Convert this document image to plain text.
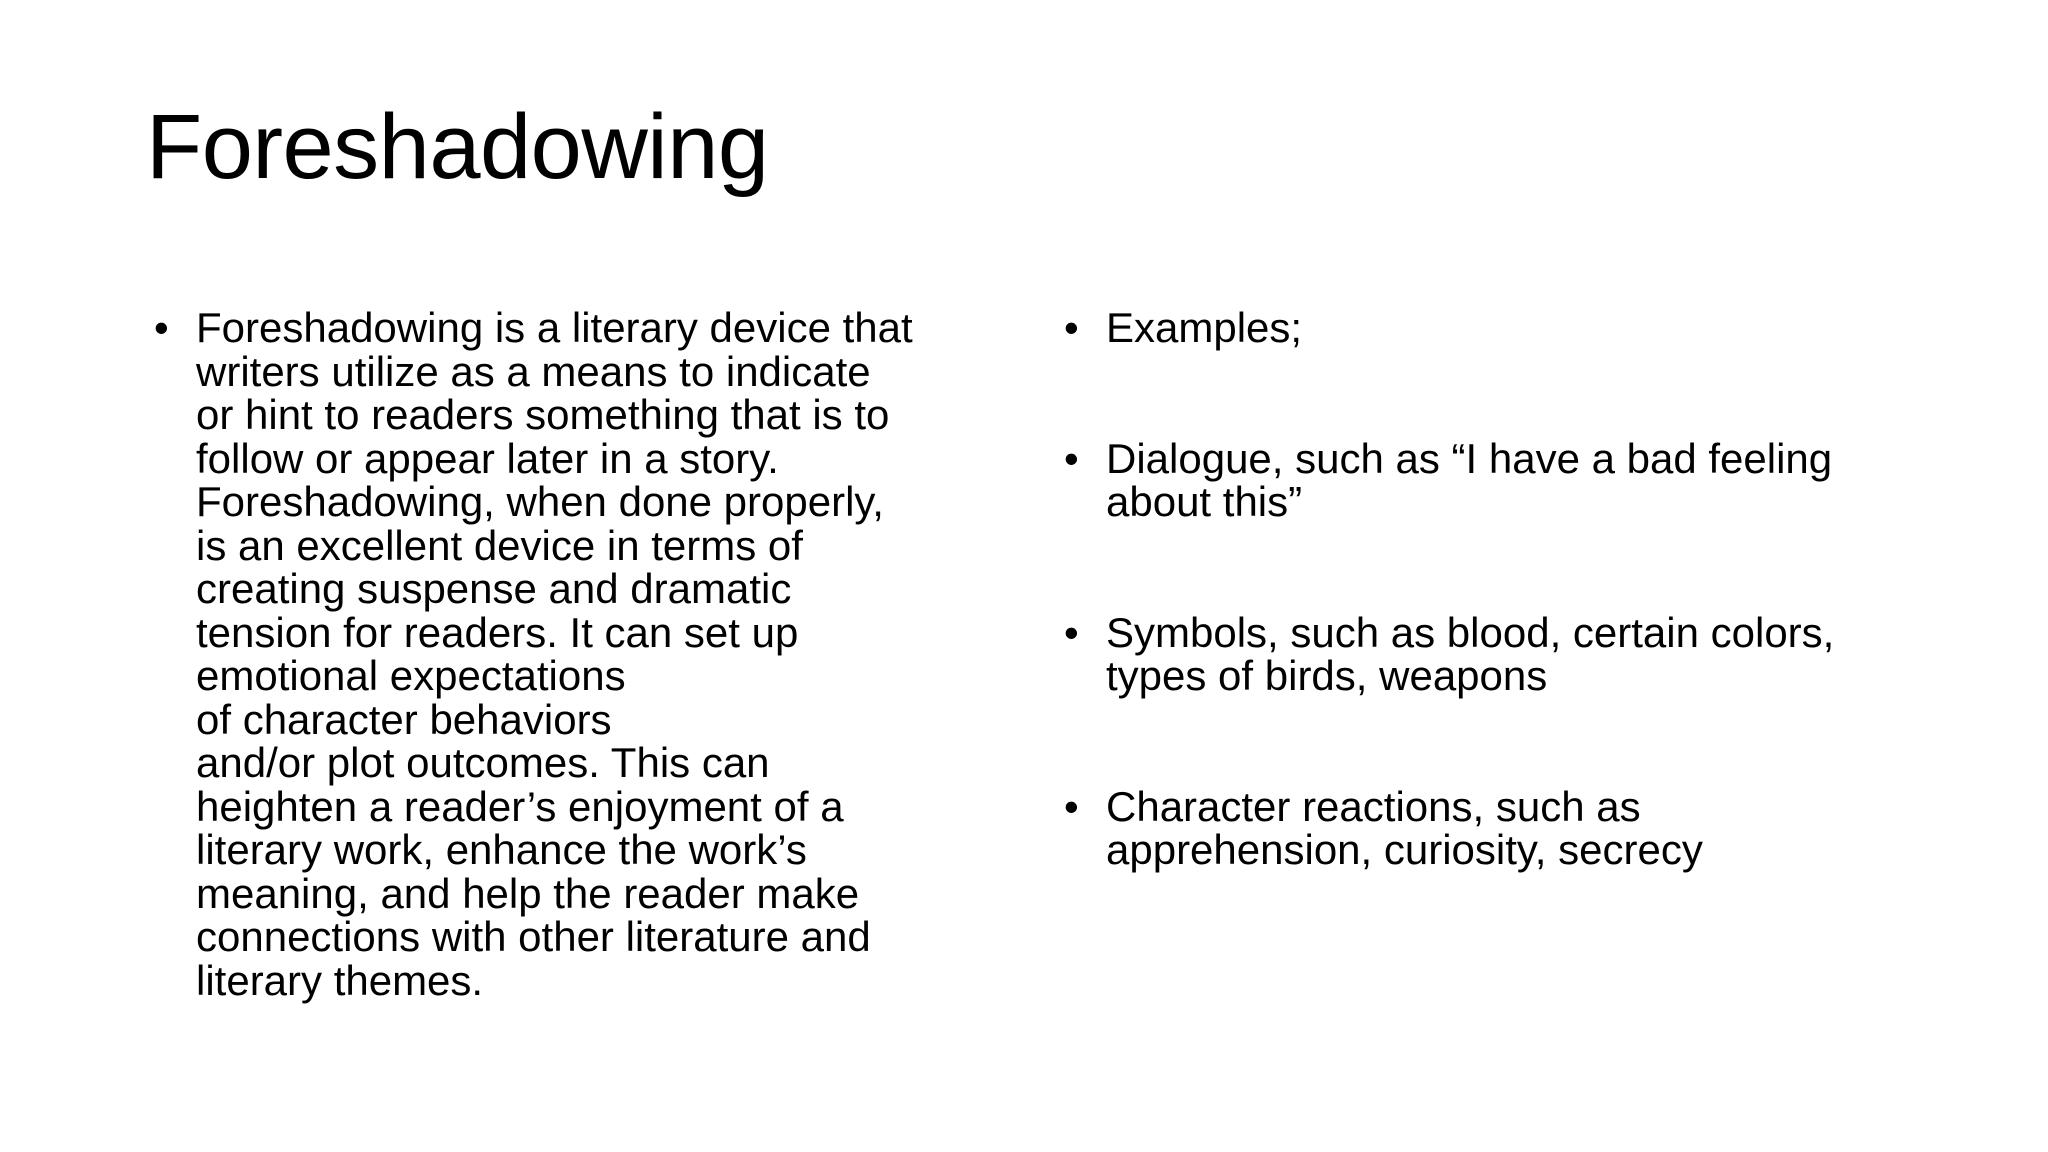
Foreshadowing
• Foreshadowing is a literary device that
writers utilize as a means to indicate
or hint to readers something that is to
follow or appear later in a story.
Foreshadowing, when done properly,
is an excellent device in terms of
creating suspense and dramatic
tension for readers. It can set up
emotional expectations
of character behaviors
and/or plot outcomes. This can
heighten a reader’s enjoyment of a
literary work, enhance the work’s
meaning, and help the reader make
connections with other literature and
literary themes.
• Examples;
• Dialogue, such as “I have a bad feeling
about this”
• Symbols, such as blood, certain colors,
types of birds, weapons
• Character reactions, such as
apprehension, curiosity, secrecy
